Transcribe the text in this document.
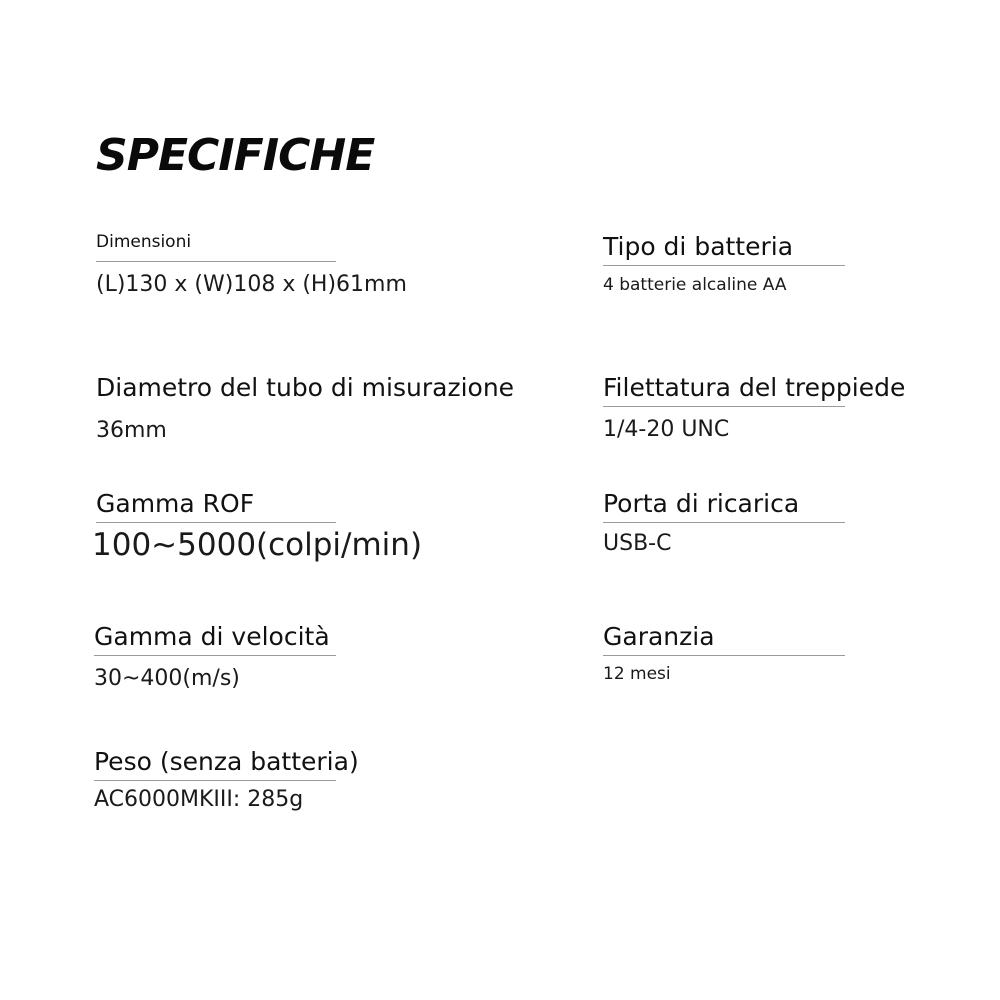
SPECIFICHE
Dimensioni
(L)130 x (W)108 x (H)61mm
Diametro del tubo di misurazione
36mm
Gamma ROF
100~5000(colpi/min)
Gamma di velocità
30~400(m/s)
Peso (senza batteria)
AC6000MKIII: 285g
Tipo di batteria
4 batterie alcaline AA
Filettatura del treppiede
1/4-20 UNC
Porta di ricarica
USB-C
Garanzia
12 mesi
